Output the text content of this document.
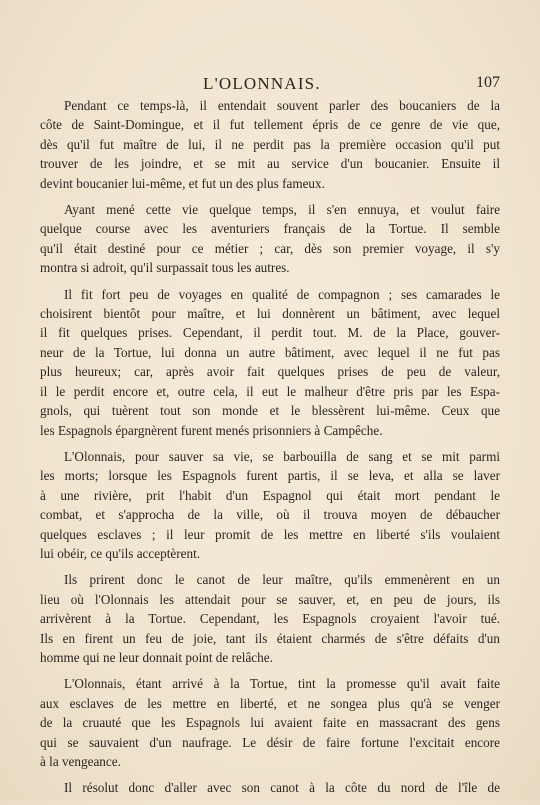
L'OLONNAIS.	107

Pendant ce temps-là, il entendait souvent parler des boucaniers de la
côte de Saint-Domingue, et il fut tellement épris de ce genre de vie que,
dès qu'il fut maître de lui, il ne perdit pas la première occasion qu'il put
trouver de les joindre, et se mit au service d'un boucanier. Ensuite il
devint boucanier lui-même, et fut un des plus fameux.

Ayant mené cette vie quelque temps, il s'en ennuya, et voulut faire
quelque course avec les aventuriers français de la Tortue. Il semble
qu'il était destiné pour ce métier ; car, dès son premier voyage, il s'y
montra si adroit, qu'il surpassait tous les autres.

Il fit fort peu de voyages en qualité de compagnon ; ses camarades le
choisirent bientôt pour maître, et lui donnèrent un bâtiment, avec lequel
il fit quelques prises. Cependant, il perdit tout. M. de la Place, gouver-
neur de la Tortue, lui donna un autre bâtiment, avec lequel il ne fut pas
plus heureux; car, après avoir fait quelques prises de peu de valeur,
il le perdit encore et, outre cela, il eut le malheur d'être pris par les Espa-
gnols, qui tuèrent tout son monde et le blessèrent lui-même. Ceux que
les Espagnols épargnèrent furent menés prisonniers à Campêche.

L'Olonnais, pour sauver sa vie, se barbouilla de sang et se mit parmi
les morts; lorsque les Espagnols furent partis, il se leva, et alla se laver
à une rivière, prit l'habit d'un Espagnol qui était mort pendant le
combat, et s'approcha de la ville, où il trouva moyen de débaucher
quelques esclaves ; il leur promit de les mettre en liberté s'ils voulaient
lui obéir, ce qu'ils acceptèrent.

Ils prirent donc le canot de leur maître, qu'ils emmenèrent en un
lieu où l'Olonnais les attendait pour se sauver, et, en peu de jours, ils
arrivèrent à la Tortue. Cependant, les Espagnols croyaient l'avoir tué.
Ils en firent un feu de joie, tant ils étaient charmés de s'être défaits d'un
homme qui ne leur donnait point de relâche.

L'Olonnais, étant arrivé à la Tortue, tint la promesse qu'il avait faite
aux esclaves de les mettre en liberté, et ne songea plus qu'à se venger
de la cruauté que les Espagnols lui avaient faite en massacrant des gens
qui se sauvaient d'un naufrage. Le désir de faire fortune l'excitait encore
à la vengeance.

Il résolut donc d'aller avec son canot à la côte du nord de l'île de
